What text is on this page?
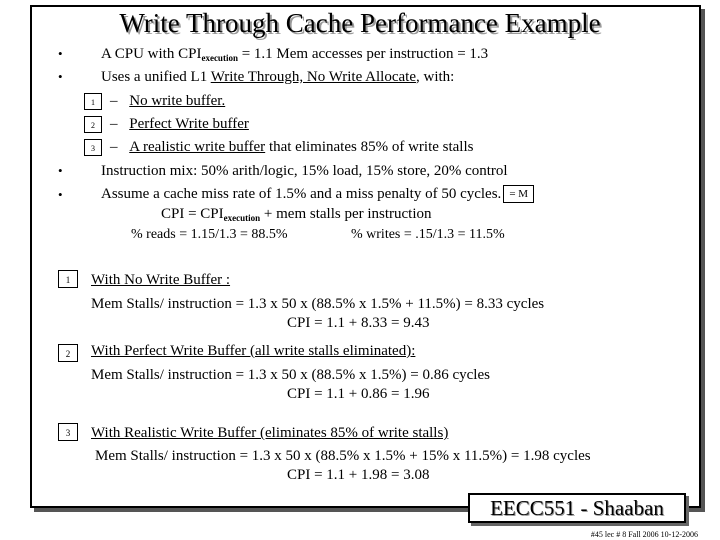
Write Through Cache Performance Example
•	A CPU with $CPI_{execution} = 1.1$ Mem accesses per instruction = 1.3
•	Uses a unified L1 Write Through, No Write Allocate, with:
1	– No write buffer.
2	– Perfect Write buffer
3	– A realistic write buffer that eliminates 85% of write stalls
•	Instruction mix: 50% arith/logic, 15% load, 15% store, 20% control
•	Assume a cache miss rate of 1.5% and a miss penalty of 50 cycles. = M
CPI = $CPI_{execution}$ + mem stalls per instruction
% reads = 1.15/1.3 = 88.5%	% writes = .15/1.3 = 11.5%
1	With No Write Buffer :
Mem Stalls/ instruction = 1.3 x 50 x (88.5% x 1.5% + 11.5%) = 8.33 cycles
CPI = 1.1 + 8.33 = 9.43
2	With Perfect Write Buffer (all write stalls eliminated):
Mem Stalls/ instruction = 1.3 x 50 x (88.5% x 1.5%) = 0.86 cycles
CPI = 1.1 + 0.86 = 1.96
3	With Realistic Write Buffer (eliminates 85% of write stalls)
Mem Stalls/ instruction = 1.3 x 50 x (88.5% x 1.5% + 15% x 11.5%) = 1.98 cycles
CPI = 1.1 + 1.98 = 3.08
EECC551 - Shaaban
#45 lec # 8 Fall 2006 10-12-2006
